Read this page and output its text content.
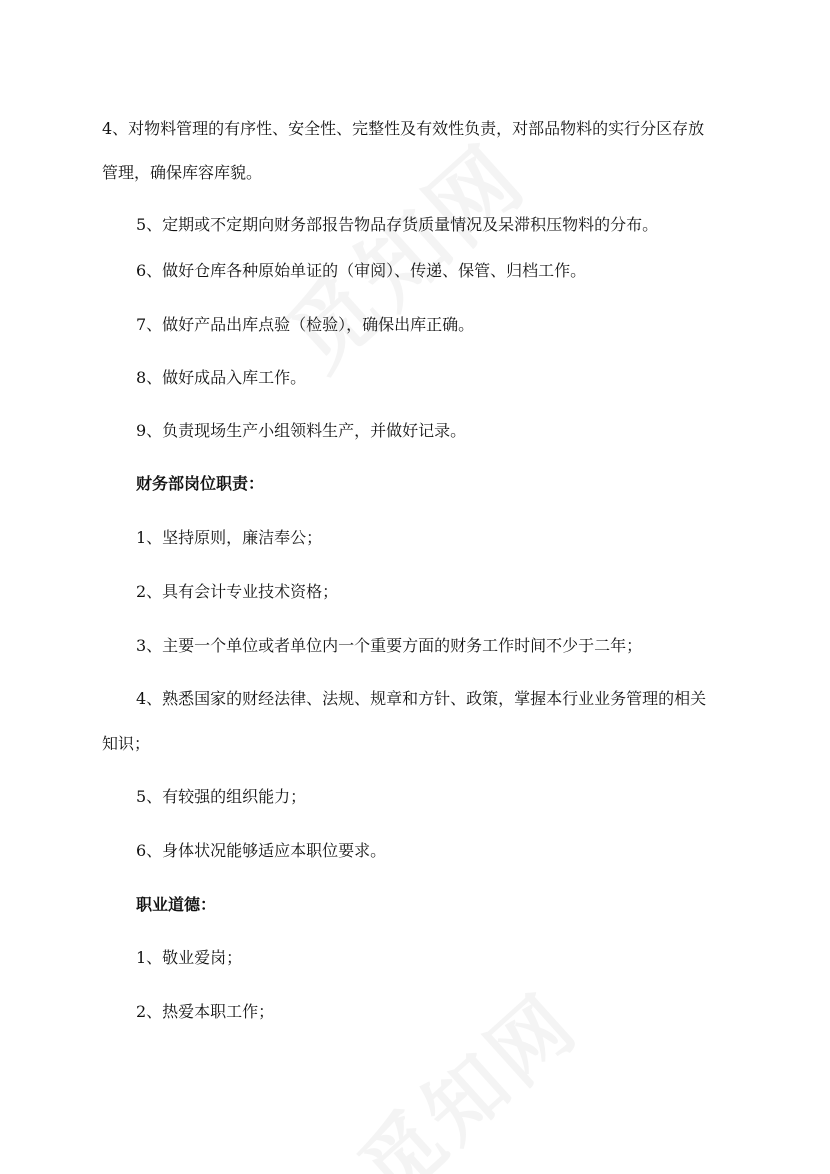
4、对物料管理的有序性、安全性、完整性及有效性负责，对部品物料的实行分区存放

管理，确保库容库貌。

5、定期或不定期向财务部报告物品存货质量情况及呆滞积压物料的分布。

6、做好仓库各种原始单证的（审阅）、传递、保管、归档工作。

7、做好产品出库点验（检验），确保出库正确。

8、做好成品入库工作。

9、负责现场生产小组领料生产，并做好记录。

财务部岗位职责：

1、坚持原则，廉洁奉公；

2、具有会计专业技术资格；

3、主要一个单位或者单位内一个重要方面的财务工作时间不少于二年；

4、熟悉国家的财经法律、法规、规章和方针、政策，掌握本行业业务管理的相关

知识；

5、有较强的组织能力；

6、身体状况能够适应本职位要求。

职业道德：

1、敬业爱岗；

2、热爱本职工作；
